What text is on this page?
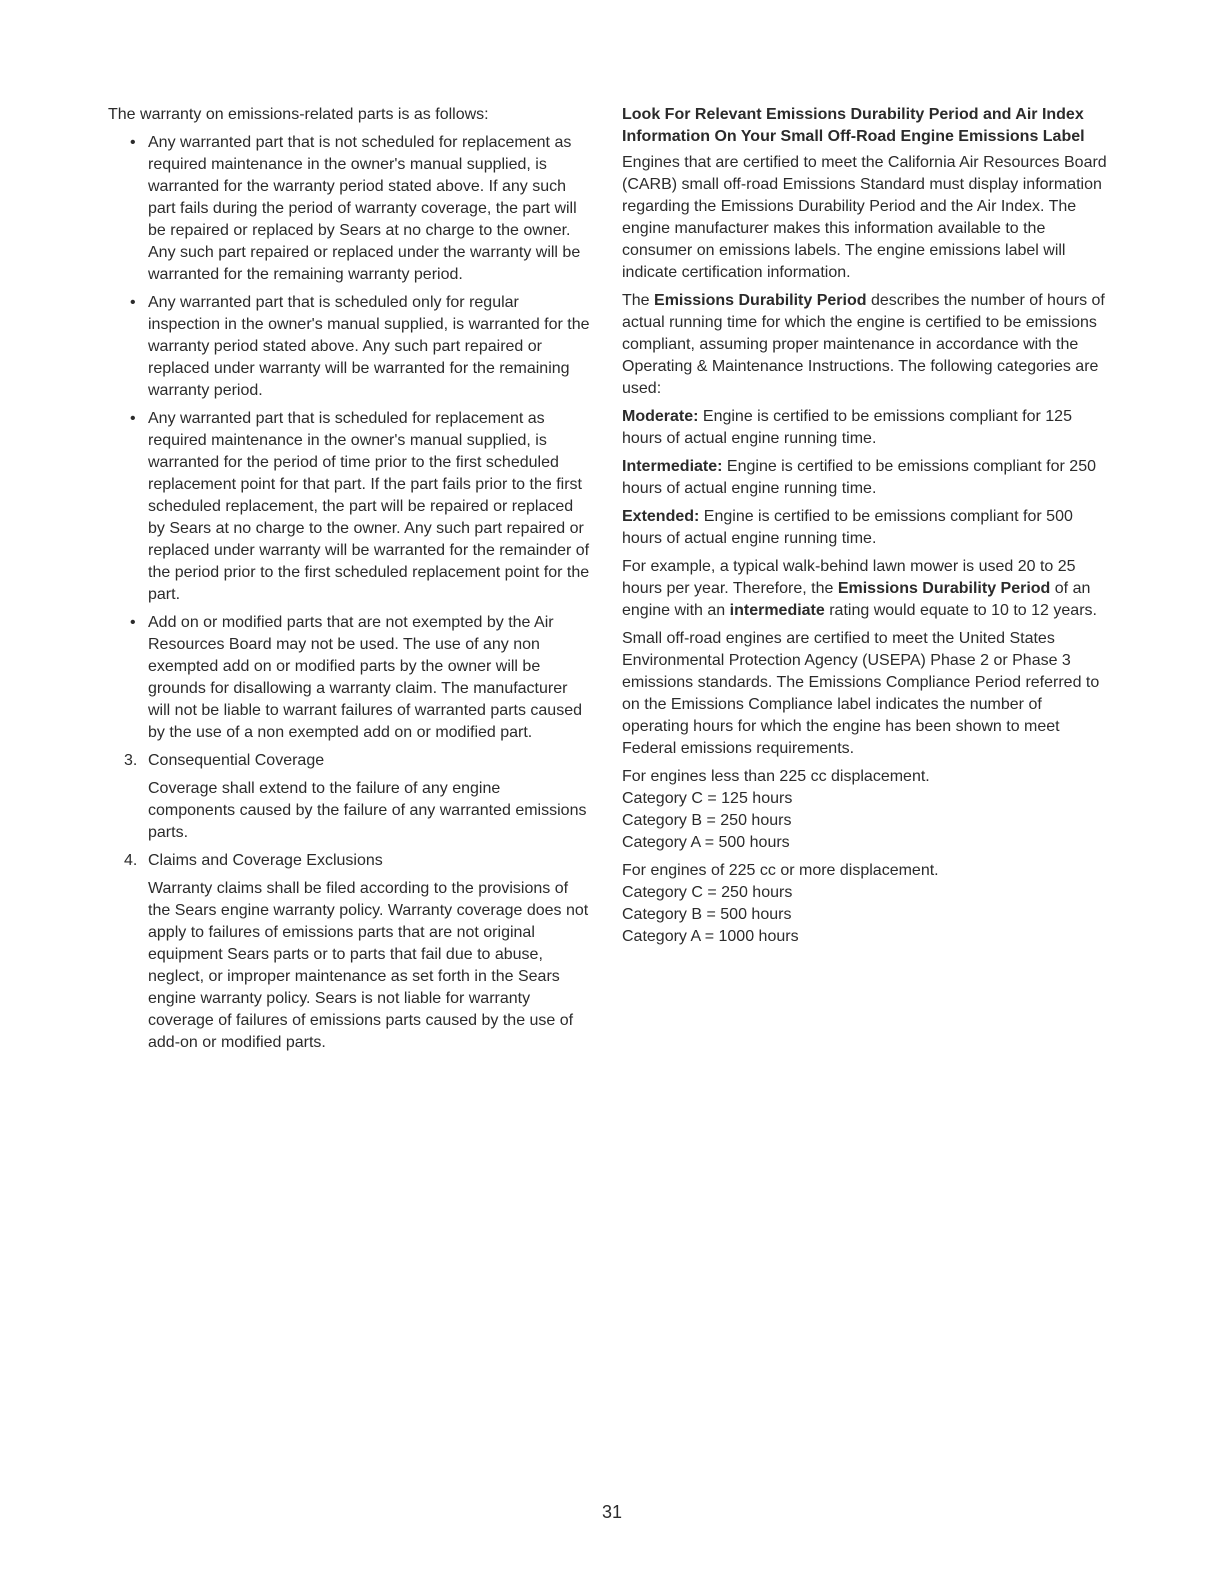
The warranty on emissions-related parts is as follows:

• Any warranted part that is not scheduled for replacement as required maintenance in the owner's manual supplied, is warranted for the warranty period stated above. If any such part fails during the period of warranty coverage, the part will be repaired or replaced by Sears at no charge to the owner. Any such part repaired or replaced under the warranty will be warranted for the remaining warranty period.
• Any warranted part that is scheduled only for regular inspection in the owner's manual supplied, is warranted for the warranty period stated above. Any such part repaired or replaced under warranty will be warranted for the remaining warranty period.
• Any warranted part that is scheduled for replacement as required maintenance in the owner's manual supplied, is warranted for the period of time prior to the first scheduled replacement point for that part. If the part fails prior to the first scheduled replacement, the part will be repaired or replaced by Sears at no charge to the owner. Any such part repaired or replaced under warranty will be warranted for the remainder of the period prior to the first scheduled replacement point for the part.
• Add on or modified parts that are not exempted by the Air Resources Board may not be used. The use of any non exempted add on or modified parts by the owner will be grounds for disallowing a warranty claim. The manufacturer will not be liable to warrant failures of warranted parts caused by the use of a non exempted add on or modified part.
3. Consequential Coverage

Coverage shall extend to the failure of any engine components caused by the failure of any warranted emissions parts.

4. Claims and Coverage Exclusions

Warranty claims shall be filed according to the provisions of the Sears engine warranty policy. Warranty coverage does not apply to failures of emissions parts that are not original equipment Sears parts or to parts that fail due to abuse, neglect, or improper maintenance as set forth in the Sears engine warranty policy. Sears is not liable for warranty coverage of failures of emissions parts caused by the use of add-on or modified parts.

Look For Relevant Emissions Durability Period and Air Index Information On Your Small Off-Road Engine Emissions Label

Engines that are certified to meet the California Air Resources Board (CARB) small off-road Emissions Standard must display information regarding the Emissions Durability Period and the Air Index. The engine manufacturer makes this information available to the consumer on emissions labels. The engine emissions label will indicate certification information.

The Emissions Durability Period describes the number of hours of actual running time for which the engine is certified to be emissions compliant, assuming proper maintenance in accordance with the Operating & Maintenance Instructions. The following categories are used:

Moderate: Engine is certified to be emissions compliant for 125 hours of actual engine running time.

Intermediate: Engine is certified to be emissions compliant for 250 hours of actual engine running time.

Extended: Engine is certified to be emissions compliant for 500 hours of actual engine running time.

For example, a typical walk-behind lawn mower is used 20 to 25 hours per year. Therefore, the Emissions Durability Period of an engine with an intermediate rating would equate to 10 to 12 years.

Small off-road engines are certified to meet the United States Environmental Protection Agency (USEPA) Phase 2 or Phase 3 emissions standards. The Emissions Compliance Period referred to on the Emissions Compliance label indicates the number of operating hours for which the engine has been shown to meet Federal emissions requirements.

For engines less than 225 cc displacement.
Category C = 125 hours
Category B = 250 hours
Category A = 500 hours
For engines of 225 cc or more displacement.
Category C = 250 hours
Category B = 500 hours
Category A = 1000 hours
31
